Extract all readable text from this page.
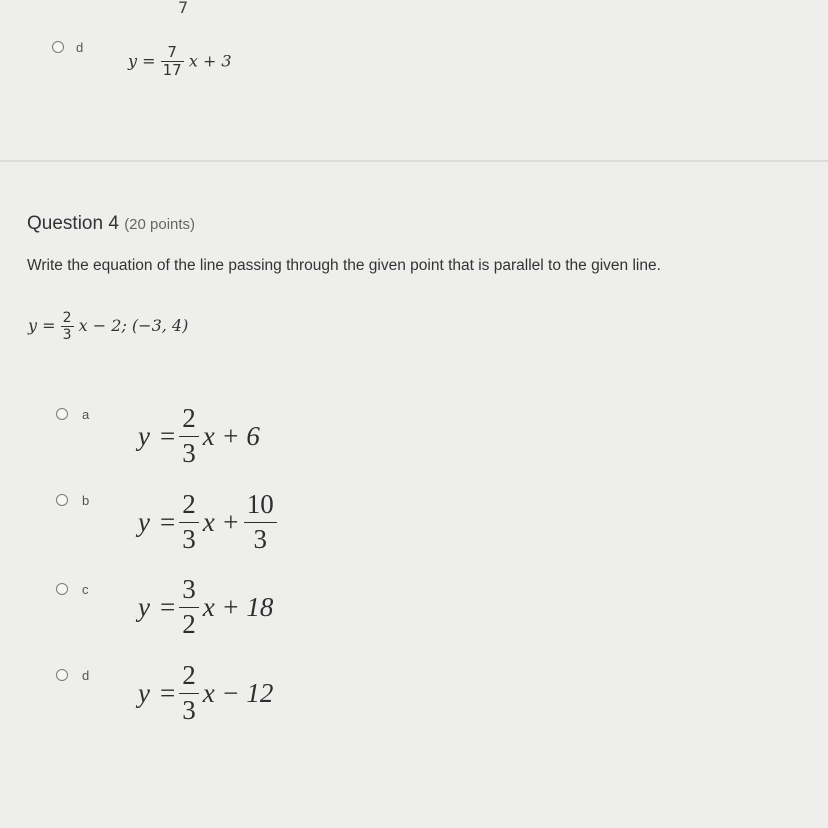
7
d
$y = \frac{7}{17}$ x + 3
Question 4 (20 points)
Write the equation of the line passing through the given point that is parallel to the given line.
$y = \frac{2}{3}$ x − 2; (−3, 4)
a
$y = \frac{2}{3}$ x + 6
b
$y = \frac{2}{3}$ $x + \frac{10}{3}$
c
$y = \frac{3}{2}$ x + 18
d
$y = \frac{2}{3}$ x − 12
